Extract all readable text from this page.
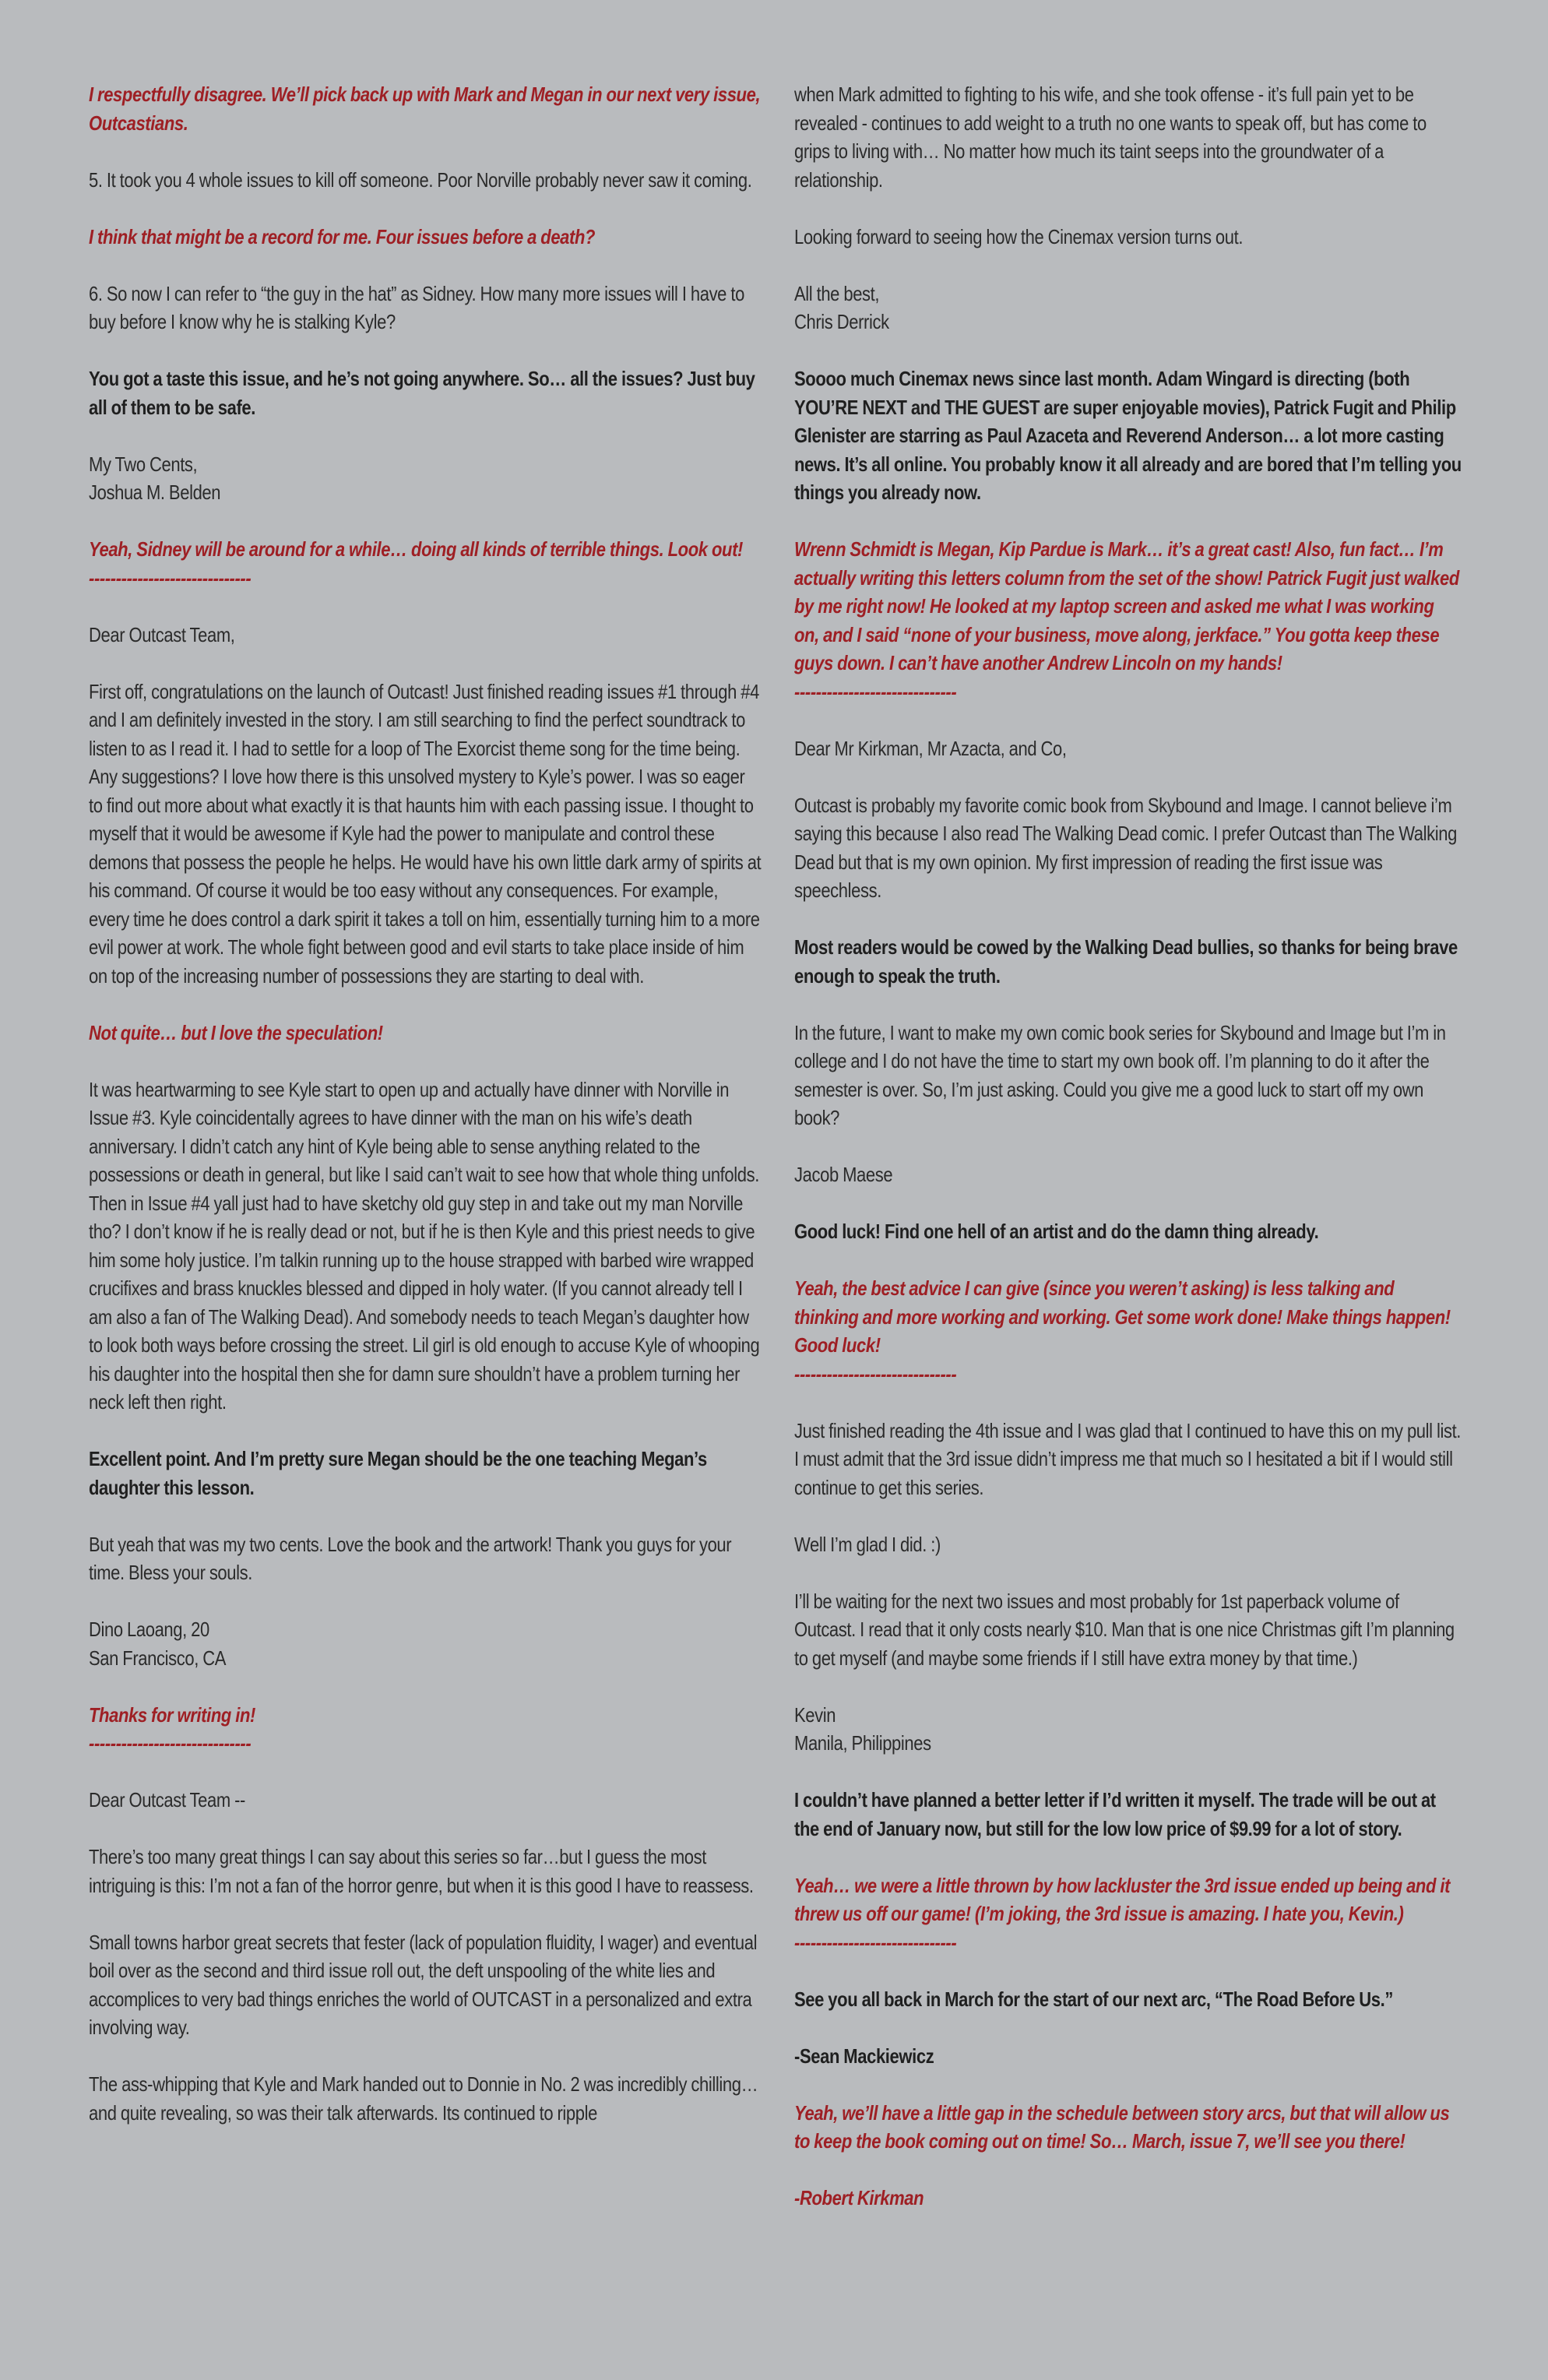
I respectfully disagree. We’ll pick back up with Mark and Megan in our next very issue, Outcastians.

5. It took you 4 whole issues to kill off someone. Poor Norville probably never saw it coming.

I think that might be a record for me. Four issues before a death?

6. So now I can refer to “the guy in the hat” as Sidney. How many more issues will I have to buy before I know why he is stalking Kyle?

You got a taste this issue, and he’s not going anywhere. So… all the issues? Just buy all of them to be safe.

My Two Cents,
Joshua M. Belden

Yeah, Sidney will be around for a while… doing all kinds of terrible things. Look out!
------------------------------

Dear Outcast Team,

First off, congratulations on the launch of Outcast! Just finished reading issues #1 through #4 and I am definitely invested in the story. I am still searching to find the perfect soundtrack to listen to as I read it. I had to settle for a loop of The Exorcist theme song for the time being. Any suggestions? I love how there is this unsolved mystery to Kyle’s power. I was so eager to find out more about what exactly it is that haunts him with each passing issue. I thought to myself that it would be awesome if Kyle had the power to manipulate and control these demons that possess the people he helps. He would have his own little dark army of spirits at his command. Of course it would be too easy without any consequences. For example, every time he does control a dark spirit it takes a toll on him, essentially turning him to a more evil power at work. The whole fight between good and evil starts to take place inside of him on top of the increasing number of possessions they are starting to deal with.

Not quite… but I love the speculation!

It was heartwarming to see Kyle start to open up and actually have dinner with Norville in Issue #3. Kyle coincidentally agrees to have dinner with the man on his wife’s death anniversary. I didn’t catch any hint of Kyle being able to sense anything related to the possessions or death in general, but like I said can’t wait to see how that whole thing unfolds. Then in Issue #4 yall just had to have sketchy old guy step in and take out my man Norville tho? I don’t know if he is really dead or not, but if he is then Kyle and this priest needs to give him some holy justice. I’m talkin running up to the house strapped with barbed wire wrapped crucifixes and brass knuckles blessed and dipped in holy water. (If you cannot already tell I am also a fan of The Walking Dead). And somebody needs to teach Megan’s daughter how to look both ways before crossing the street. Lil girl is old enough to accuse Kyle of whooping his daughter into the hospital then she for damn sure shouldn’t have a problem turning her neck left then right.

Excellent point. And I’m pretty sure Megan should be the one teaching Megan’s daughter this lesson.

But yeah that was my two cents. Love the book and the artwork! Thank you guys for your time. Bless your souls.

Dino Laoang, 20
San Francisco, CA

Thanks for writing in!
------------------------------

Dear Outcast Team --

There’s too many great things I can say about this series so far…but I guess the most intriguing is this: I’m not a fan of the horror genre, but when it is this good I have to reassess.

Small towns harbor great secrets that fester (lack of population fluidity, I wager) and eventual boil over as the second and third issue roll out, the deft unspooling of the white lies and accomplices to very bad things enriches the world of OUTCAST in a personalized and extra involving way.

The ass-whipping that Kyle and Mark handed out to Donnie in No. 2 was incredibly chilling… and quite revealing, so was their talk afterwards. Its continued to ripple

when Mark admitted to fighting to his wife, and she took offense - it’s full pain yet to be revealed - continues to add weight to a truth no one wants to speak off, but has come to grips to living with… No matter how much its taint seeps into the groundwater of a relationship.

Looking forward to seeing how the Cinemax version turns out.

All the best,
Chris Derrick

Soooo much Cinemax news since last month. Adam Wingard is directing (both YOU’RE NEXT and THE GUEST are super enjoyable movies), Patrick Fugit and Philip Glenister are starring as Paul Azaceta and Reverend Anderson… a lot more casting news. It’s all online. You probably know it all already and are bored that I’m telling you things you already now.

Wrenn Schmidt is Megan, Kip Pardue is Mark… it’s a great cast! Also, fun fact… I’m actually writing this letters column from the set of the show! Patrick Fugit just walked by me right now! He looked at my laptop screen and asked me what I was working on, and I said “none of your business, move along, jerkface.” You gotta keep these guys down. I can’t have another Andrew Lincoln on my hands!
------------------------------

Dear Mr Kirkman, Mr Azacta, and Co,

Outcast is probably my favorite comic book from Skybound and Image. I cannot believe i’m saying this because I also read The Walking Dead comic. I prefer Outcast than The Walking Dead but that is my own opinion. My first impression of reading the first issue was speechless.

Most readers would be cowed by the Walking Dead bullies, so thanks for being brave enough to speak the truth.

In the future, I want to make my own comic book series for Skybound and Image but I’m in college and I do not have the time to start my own book off. I’m planning to do it after the semester is over. So, I’m just asking. Could you give me a good luck to start off my own book?

Jacob Maese

Good luck! Find one hell of an artist and do the damn thing already.

Yeah, the best advice I can give (since you weren’t asking) is less talking and thinking and more working and working. Get some work done! Make things happen! Good luck!
------------------------------

Just finished reading the 4th issue and I was glad that I continued to have this on my pull list. I must admit that the 3rd issue didn’t impress me that much so I hesitated a bit if I would still continue to get this series.

Well I’m glad I did. :)

I’ll be waiting for the next two issues and most probably for 1st paperback volume of Outcast. I read that it only costs nearly $10. Man that is one nice Christmas gift I’m planning to get myself (and maybe some friends if I still have extra money by that time.)

Kevin
Manila, Philippines

I couldn’t have planned a better letter if I’d written it myself. The trade will be out at the end of January now, but still for the low low price of $9.99 for a lot of story.

Yeah… we were a little thrown by how lackluster the 3rd issue ended up being and it threw us off our game! (I’m joking, the 3rd issue is amazing. I hate you, Kevin.)
------------------------------

See you all back in March for the start of our next arc, “The Road Before Us.”

-Sean Mackiewicz

Yeah, we’ll have a little gap in the schedule between story arcs, but that will allow us to keep the book coming out on time! So… March, issue 7, we’ll see you there!

-Robert Kirkman
